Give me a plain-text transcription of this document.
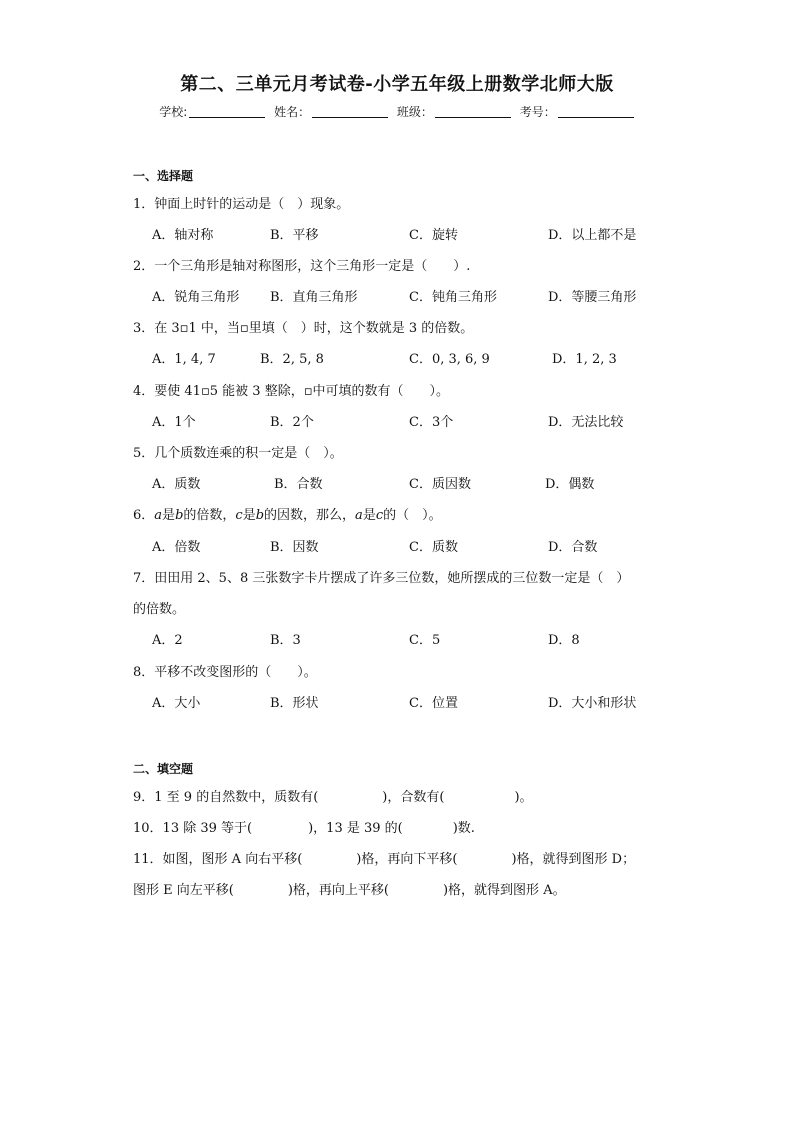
第二、三单元月考试卷-小学五年级上册数学北师大版
学校:	姓名：	班级：	考号：
一、选择题
1．钟面上时针的运动是（　）现象。
A．轴对称	B．平移	C．旋转	D．以上都不是
2．一个三角形是轴对称图形，这个三角形一定是（　　）.
A．锐角三角形 B．直角三角形	C．钝角三角形	D．等腰三角形
3．在 3▫1 中，当▫里填（　）时，这个数就是 3 的倍数。
A．1, 4, 7	B．2, 5, 8	C．0, 3, 6, 9	D．1, 2, 3
4．要使 41▫5 能被 3 整除，▫中可填的数有（　　）。
A．1个	B．2个	C．3个	D．无法比较
5．几个质数连乘的积一定是（　）。
A．质数	B．合数	C．质因数	D．偶数
6．a是b的倍数，c是b的因数，那么，a是c的（　）。
A．倍数	B．因数	C．质数	D．合数
7．田田用 2、5、8 三张数字卡片摆成了许多三位数，她所摆成的三位数一定是（　）
的倍数。
A．2	B．3	C．5	D．8
8．平移不改变图形的（　　）。
A．大小	B．形状	C．位置	D．大小和形状
二、填空题
9．1 至 9 的自然数中，质数有(	)，合数有(	)。
10．13 除 39 等于(	)，13 是 39 的(	)数.
11．如图，图形 A 向右平移(	)格，再向下平移(	)格，就得到图形 D；
图形 E 向左平移(	)格，再向上平移(	)格，就得到图形 A。
